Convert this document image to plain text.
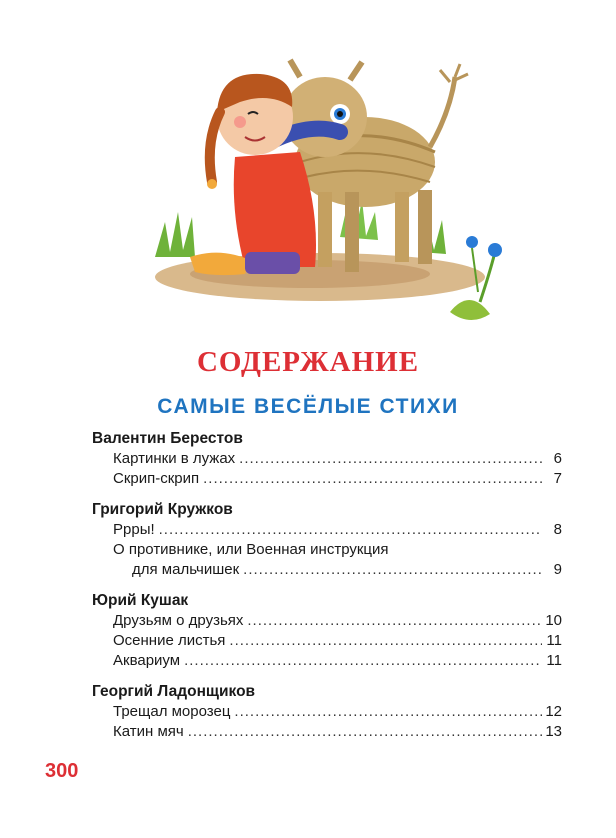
СОДЕРЖАНИЕ
САМЫЕ ВЕСЁЛЫЕ СТИХИ
Валентин Берестов
Картинки в лужах .....	6
Скрип-скрип .....	7
Григорий Кружков
Ррры! .....	8
О противнике, или Военная инструкция
для мальчишек .....	9
Юрий Кушак
Друзьям о друзьях .....	10
Осенние листья .....	11
Аквариум .....	11
Георгий Ладонщиков
Трещал морозец .....	12
Катин мяч .....	13
300
